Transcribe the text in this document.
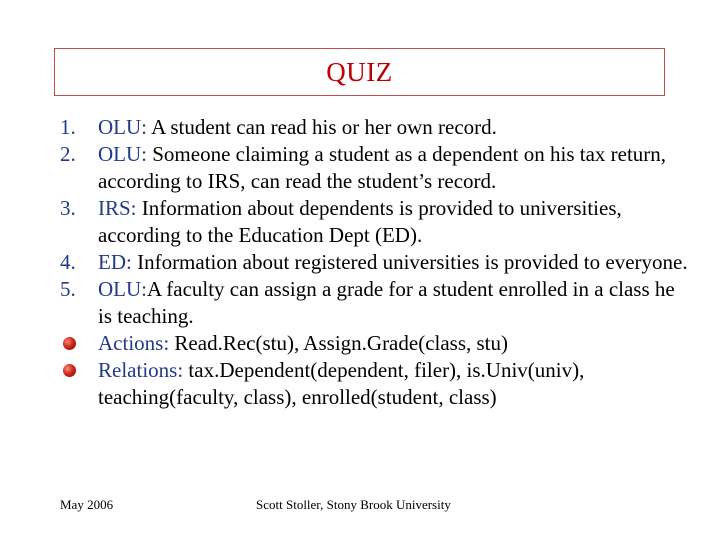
QUIZ
1.	OLU: A student can read his or her own record.
2.	OLU: Someone claiming a student as a dependent on his tax return, according to IRS, can read the student’s record.
3.	IRS: Information about dependents is provided to universities, according to the Education Dept (ED).
4.	ED: Information about registered universities is provided to everyone.
5.	OLU:A faculty can assign a grade for a student enrolled in a class he is teaching.
Actions: Read.Rec(stu), Assign.Grade(class, stu)
Relations: tax.Dependent(dependent, filer), is.Univ(univ), teaching(faculty, class), enrolled(student, class)
May 2006	Scott Stoller, Stony Brook University
